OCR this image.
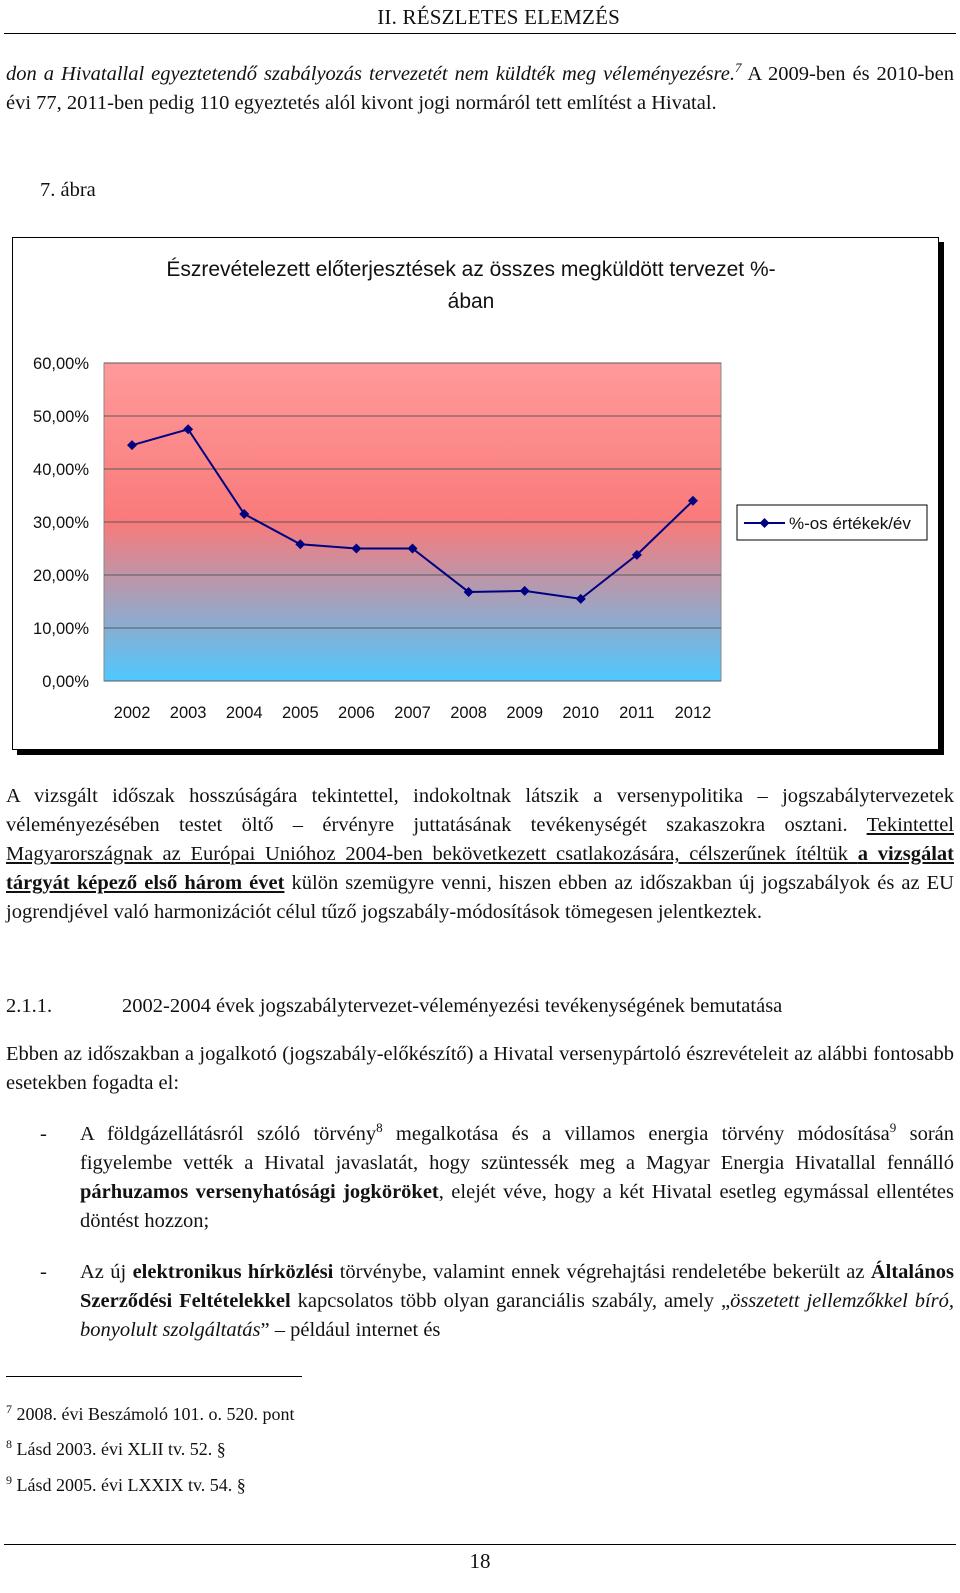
II. RÉSZLETES ELEMZÉS

don a Hivatallal egyeztetendő szabályozás tervezetét nem küldték meg véleményezésre.$^7$ A 2009-ben és 2010-ben évi 77, 2011-ben pedig 110 egyeztetés alól kivont jogi normáról tett említést a Hivatal.

7. ábra
Észrevételezett előterjesztések az összes megküldött tervezet %-
ában
0,00%
10,00%
20,00%
30,00%
40,00%
50,00%
60,00%
2002 2003 2004 2005 2006 2007 2008 2009 2010 2011 2012
%-os értékek/év

A vizsgált időszak hosszúságára tekintettel, indokoltnak látszik a versenypolitika – jogszabálytervezetek véleményezésében testet öltő – érvényre juttatásának tevékenységét szakaszokra osztani. Tekintettel Magyarországnak az Európai Unióhoz 2004-ben bekövetkezett csatlakozására, célszerűnek ítéltük a vizsgálat tárgyát képező első három évet külön szemügyre venni, hiszen ebben az időszakban új jogszabályok és az EU jogrendjével való harmonizációt célul tűző jogszabály-módosítások tömegesen jelentkeztek.

2.1.1.	2002-2004 évek jogszabálytervezet-véleményezési tevékenységének bemutatása

Ebben az időszakban a jogalkotó (jogszabály-előkészítő) a Hivatal versenypártoló észrevételeit az alábbi fontosabb esetekben fogadta el:

-	A földgázellátásról szóló törvény$^8$ megalkotása és a villamos energia törvény módosítása$^9$ során figyelembe vették a Hivatal javaslatát, hogy szüntessék meg a Magyar Energia Hivatallal fennálló párhuzamos versenyhatósági jogköröket, elejét véve, hogy a két Hivatal esetleg egymással ellentétes döntést hozzon;
-	Az új elektronikus hírközlési törvénybe, valamint ennek végrehajtási rendeletébe bekerült az Általános Szerződési Feltételekkel kapcsolatos több olyan garanciális szabály, amely „összetett jellemzőkkel bíró, bonyolult szolgáltatás” – például internet és
$^7$ 2008. évi Beszámoló 101. o. 520. pont
$^8$ Lásd 2003. évi XLII tv. 52. §
$^9$ Lásd 2005. évi LXXIX tv. 54. §
18
